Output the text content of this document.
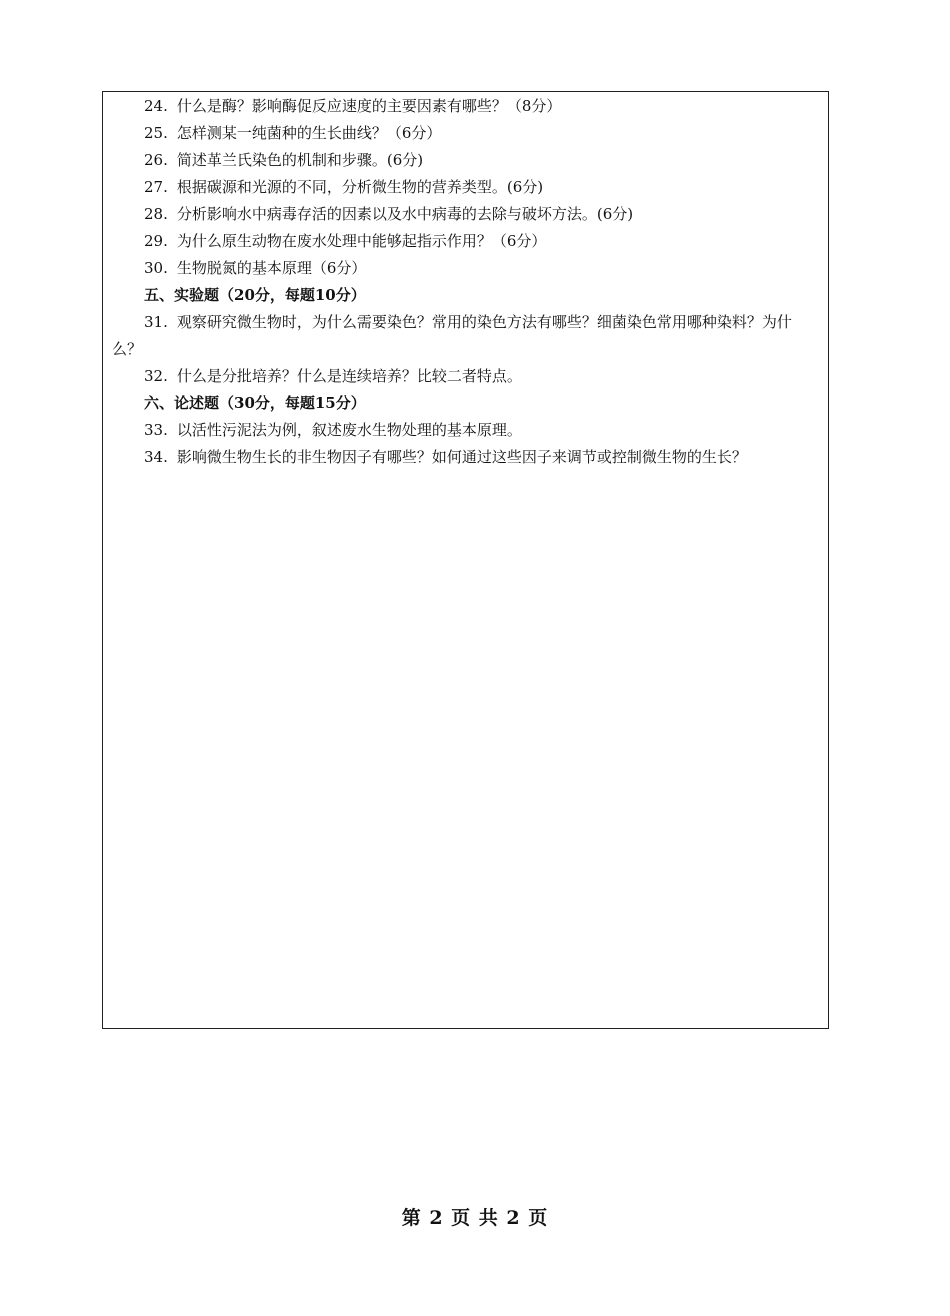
24. 什么是酶？影响酶促反应速度的主要因素有哪些？（8分）
25. 怎样测某一纯菌种的生长曲线？（6分）
26. 简述革兰氏染色的机制和步骤。(6分)
27. 根据碳源和光源的不同，分析微生物的营养类型。(6分)
28. 分析影响水中病毒存活的因素以及水中病毒的去除与破坏方法。(6分)
29. 为什么原生动物在废水处理中能够起指示作用？（6分）
30. 生物脱氮的基本原理（6分）
五、实验题（20分，每题10分）
31. 观察研究微生物时，为什么需要染色？常用的染色方法有哪些？细菌染色常用哪种染料？为什么？
32. 什么是分批培养？什么是连续培养？比较二者特点。
六、论述题（30分，每题15分）
33. 以活性污泥法为例，叙述废水生物处理的基本原理。
34. 影响微生物生长的非生物因子有哪些？如何通过这些因子来调节或控制微生物的生长？
第 2 页 共 2 页
